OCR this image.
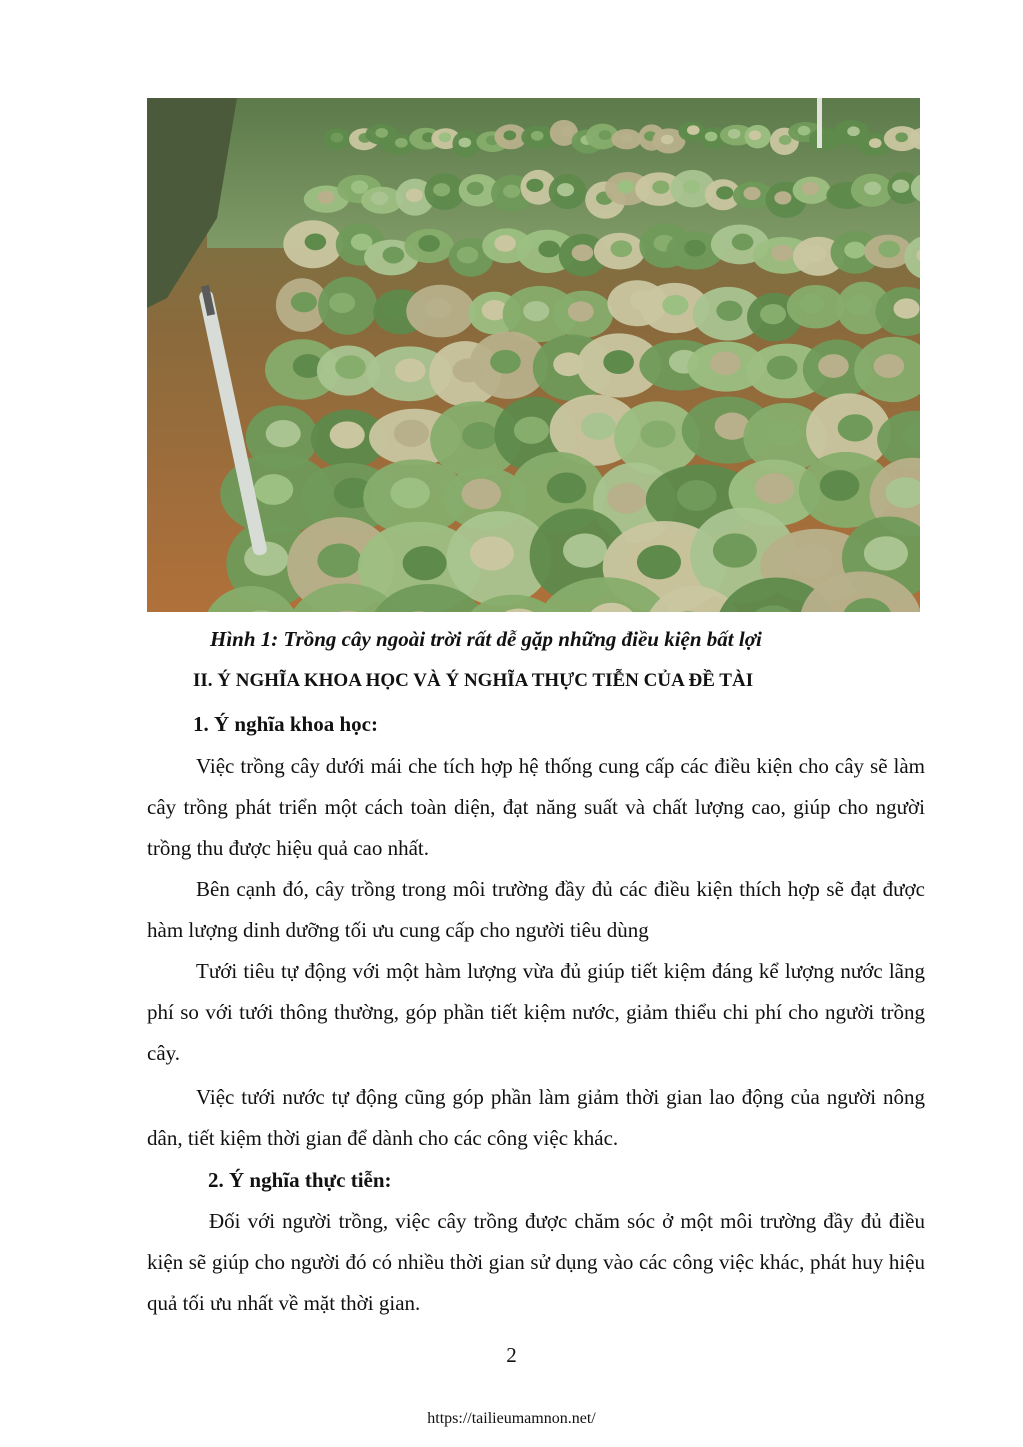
Hình 1: Trồng cây ngoài trời rất dễ gặp những điều kiện bất lợi
II. Ý NGHĨA KHOA HỌC VÀ Ý NGHĨA THỰC TIỄN CỦA ĐỀ TÀI
1. Ý nghĩa khoa học:

Việc trồng cây dưới mái che tích hợp hệ thống cung cấp các điều kiện cho cây sẽ làm cây trồng phát triển một cách toàn diện, đạt năng suất và chất lượng cao, giúp cho người trồng thu được hiệu quả cao nhất.

Bên cạnh đó, cây trồng trong môi trường đầy đủ các điều kiện thích hợp sẽ đạt được hàm lượng dinh dưỡng tối ưu cung cấp cho người tiêu dùng

Tưới tiêu tự động với một hàm lượng vừa đủ giúp tiết kiệm đáng kể lượng nước lãng phí so với tưới thông thường, góp phần tiết kiệm nước, giảm thiểu chi phí cho người trồng cây.

Việc tưới nước tự động cũng góp phần làm giảm thời gian lao động của người nông dân, tiết kiệm thời gian để dành cho các công việc khác.

2. Ý nghĩa thực tiễn:

Đối với người trồng, việc cây trồng được chăm sóc ở một môi trường đầy đủ điều kiện sẽ giúp cho người đó có nhiều thời gian sử dụng vào các công việc khác, phát huy hiệu quả tối ưu nhất về mặt thời gian.

2
https://tailieumamnon.net/
